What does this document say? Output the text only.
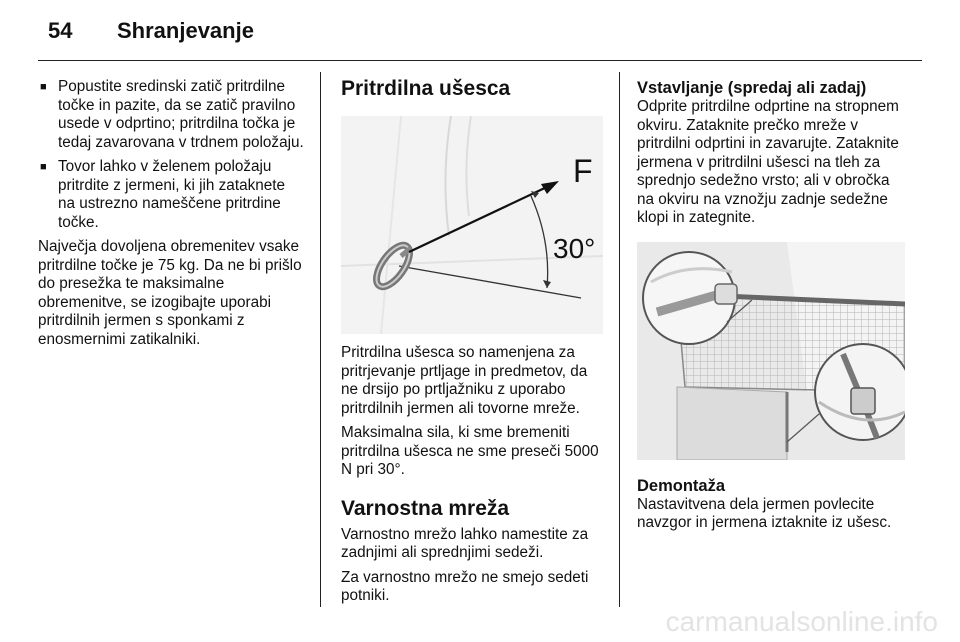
54 Shranjevanje
■ Popustite sredinski zatič pritrdilne točke in pazite, da se zatič pravilno usede v odprtino; pritrdilna točka je tedaj zavarovana v trdnem položaju.
■ Tovor lahko v želenem položaju pritrdite z jermeni, ki jih zataknete na ustrezno nameščene pritrdine točke.

Največja dovoljena obremenitev vsake pritrdilne točke je 75 kg. Da ne bi prišlo do presežka te maksimalne obremenitve, se izogibajte uporabi pritrdilnih jermen s sponkami z enosmernimi zatikalniki.

Pritrdilna ušesca
F
30°

Pritrdilna ušesca so namenjena za pritrjevanje prtljage in predmetov, da ne drsijo po prtljažniku z uporabo pritrdilnih jermen ali tovorne mreže.

Maksimalna sila, ki sme bremeniti pritrdilna ušesca ne sme preseči 5000 N pri 30°.

Varnostna mreža

Varnostno mrežo lahko namestite za zadnjimi ali sprednjimi sedeži.

Za varnostno mrežo ne smejo sedeti potniki.

Vstavljanje (spredaj ali zadaj)

Odprite pritrdilne odprtine na stropnem okviru. Zataknite prečko mreže v pritrdilni odprtini in zavarujte. Zataknite jermena v pritrdilni ušesci na tleh za sprednjo sedežno vrsto; ali v obročka na okviru na vznožju zadnje sedežne klopi in zategnite.

Demontaža

Nastavitvena dela jermen povlecite navzgor in jermena iztaknite iz ušesc.

carmanualsonline.info
